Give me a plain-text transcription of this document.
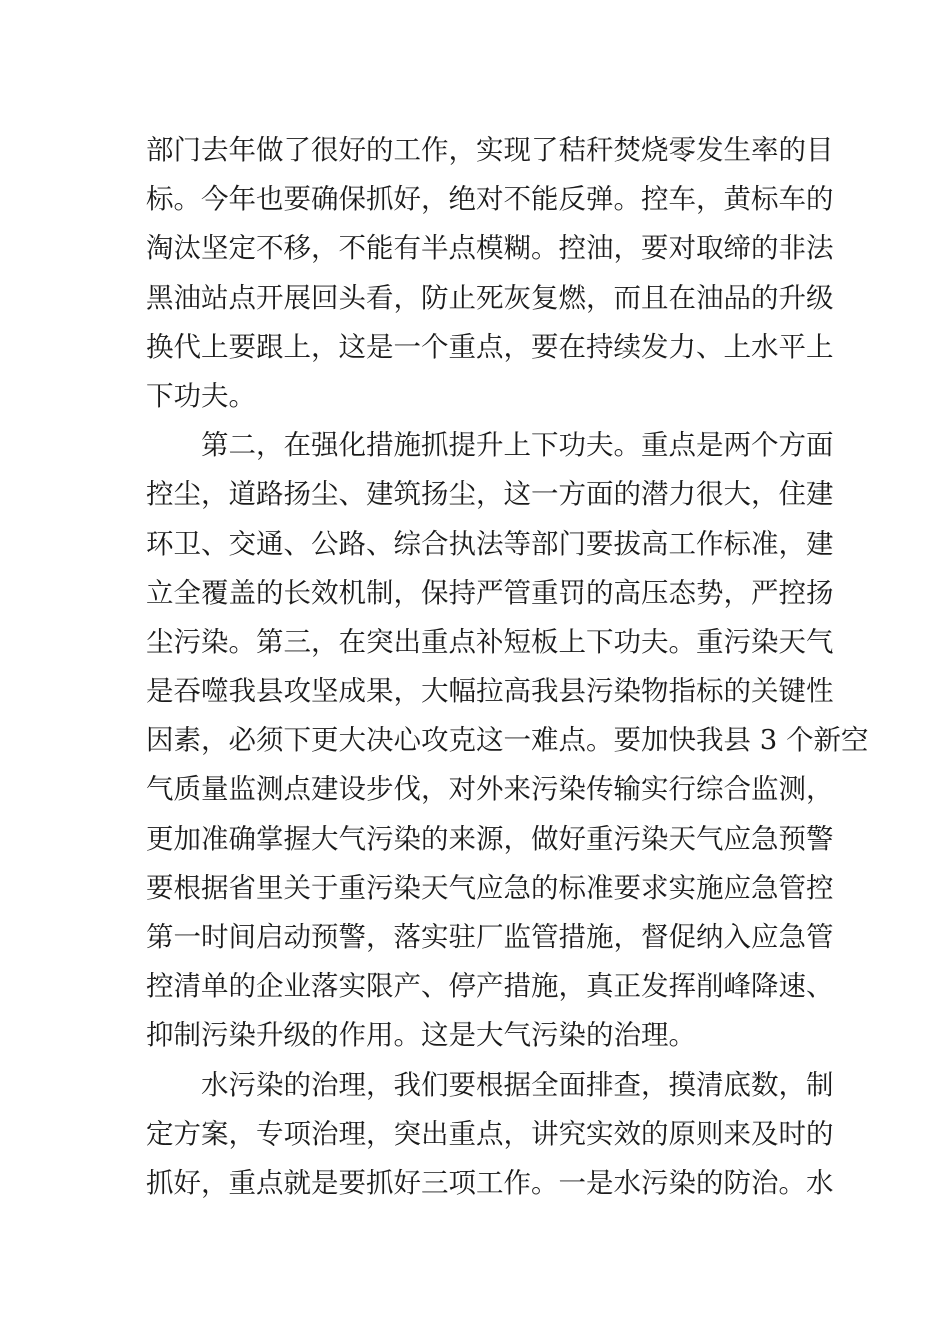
部门去年做了很好的工作，实现了秸秆焚烧零发生率的目
标。今年也要确保抓好，绝对不能反弹。控车，黄标车的
淘汰坚定不移，不能有半点模糊。控油，要对取缔的非法
黑油站点开展回头看，防止死灰复燃，而且在油品的升级
换代上要跟上，这是一个重点，要在持续发力、上水平上
下功夫。
第二，在强化措施抓提升上下功夫。重点是两个方面
控尘，道路扬尘、建筑扬尘，这一方面的潜力很大，住建
环卫、交通、公路、综合执法等部门要拔高工作标准，建
立全覆盖的长效机制，保持严管重罚的高压态势，严控扬
尘污染。第三，在突出重点补短板上下功夫。重污染天气
是吞噬我县攻坚成果，大幅拉高我县污染物指标的关键性
因素，必须下更大决心攻克这一难点。要加快我县 3 个新空
气质量监测点建设步伐，对外来污染传输实行综合监测，
更加准确掌握大气污染的来源，做好重污染天气应急预警
要根据省里关于重污染天气应急的标准要求实施应急管控
第一时间启动预警，落实驻厂监管措施，督促纳入应急管
控清单的企业落实限产、停产措施，真正发挥削峰降速、
抑制污染升级的作用。这是大气污染的治理。
水污染的治理，我们要根据全面排查，摸清底数，制
定方案，专项治理，突出重点，讲究实效的原则来及时的
抓好，重点就是要抓好三项工作。一是水污染的防治。水
